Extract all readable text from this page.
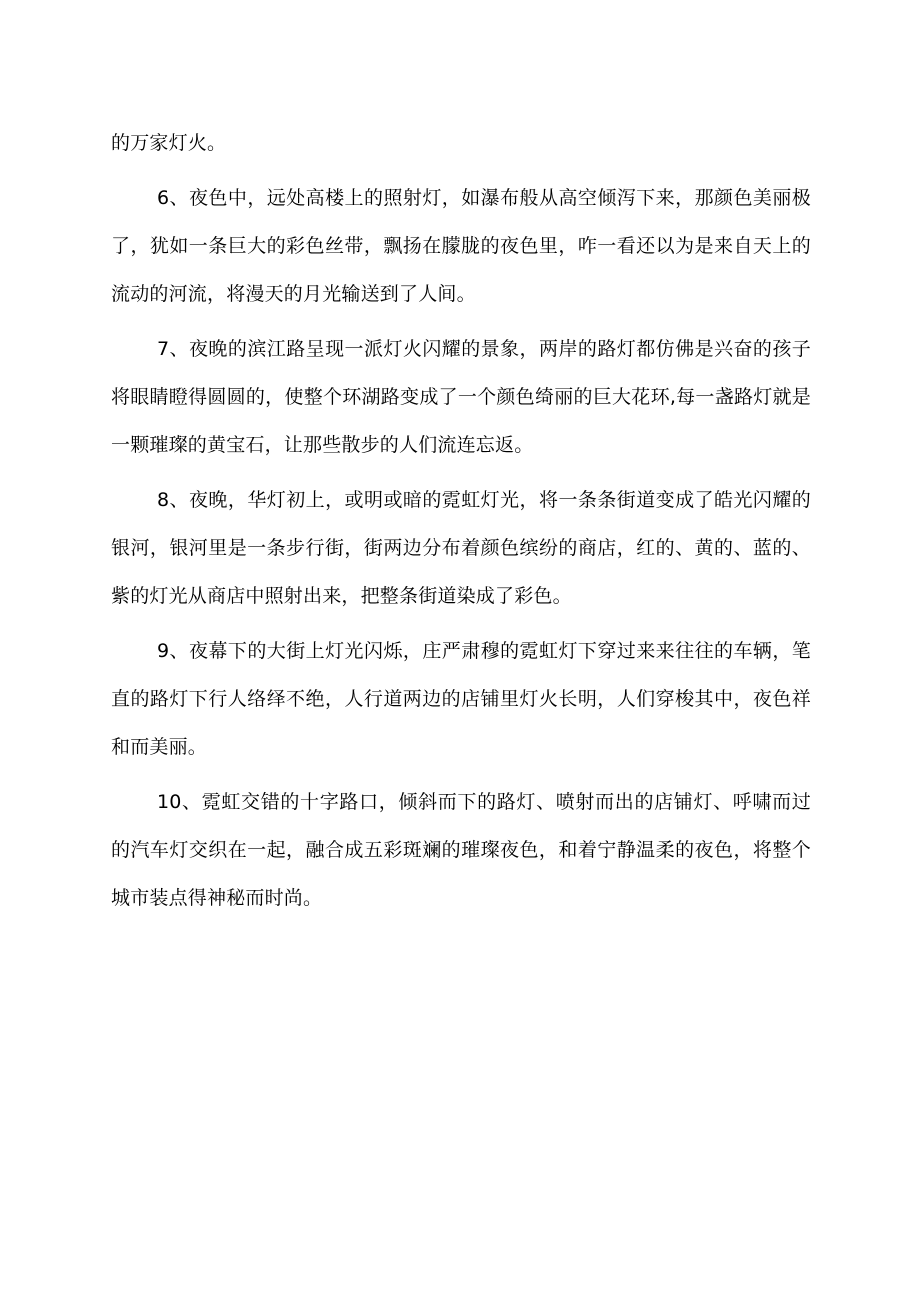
的万家灯火。

6、夜色中，远处高楼上的照射灯，如瀑布般从高空倾泻下来，那颜色美丽极了，犹如一条巨大的彩色丝带，飘扬在朦胧的夜色里，咋一看还以为是来自天上的流动的河流，将漫天的月光输送到了人间。

7、夜晚的滨江路呈现一派灯火闪耀的景象，两岸的路灯都仿佛是兴奋的孩子将眼睛瞪得圆圆的，使整个环湖路变成了一个颜色绮丽的巨大花环,每一盏路灯就是一颗璀璨的黄宝石，让那些散步的人们流连忘返。

8、夜晚，华灯初上，或明或暗的霓虹灯光，将一条条街道变成了皓光闪耀的银河，银河里是一条步行街，街两边分布着颜色缤纷的商店，红的、黄的、蓝的、紫的灯光从商店中照射出来，把整条街道染成了彩色。

9、夜幕下的大街上灯光闪烁，庄严肃穆的霓虹灯下穿过来来往往的车辆，笔直的路灯下行人络绎不绝，人行道两边的店铺里灯火长明，人们穿梭其中，夜色祥和而美丽。

10、霓虹交错的十字路口，倾斜而下的路灯、喷射而出的店铺灯、呼啸而过的汽车灯交织在一起，融合成五彩斑斓的璀璨夜色，和着宁静温柔的夜色，将整个城市装点得神秘而时尚。
